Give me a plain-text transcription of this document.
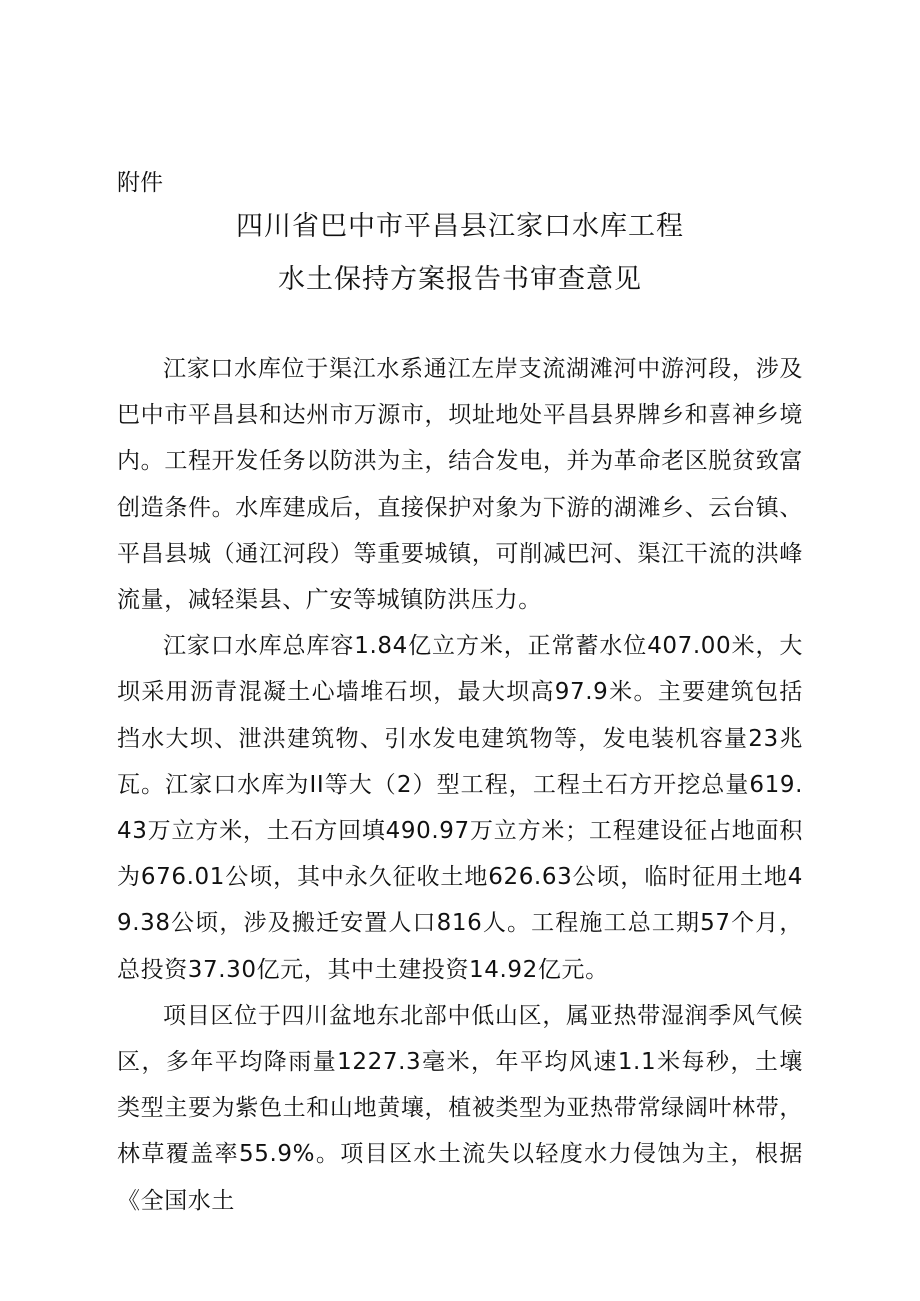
附件

四川省巴中市平昌县江家口水库工程
水土保持方案报告书审查意见

江家口水库位于渠江水系通江左岸支流湖滩河中游河段，涉及巴中市平昌县和达州市万源市，坝址地处平昌县界牌乡和喜神乡境内。工程开发任务以防洪为主，结合发电，并为革命老区脱贫致富创造条件。水库建成后，直接保护对象为下游的湖滩乡、云台镇、平昌县城（通江河段）等重要城镇，可削减巴河、渠江干流的洪峰流量，减轻渠县、广安等城镇防洪压力。

江家口水库总库容1.84亿立方米，正常蓄水位407.00米，大坝采用沥青混凝土心墙堆石坝，最大坝高97.9米。主要建筑包括挡水大坝、泄洪建筑物、引水发电建筑物等，发电装机容量23兆瓦。江家口水库为II等大（2）型工程，工程土石方开挖总量619.43万立方米，土石方回填490.97万立方米；工程建设征占地面积为676.01公顷，其中永久征收土地626.63公顷，临时征用土地49.38公顷，涉及搬迁安置人口816人。工程施工总工期57个月，总投资37.30亿元，其中土建投资14.92亿元。

项目区位于四川盆地东北部中低山区，属亚热带湿润季风气候区，多年平均降雨量1227.3毫米，年平均风速1.1米每秒，土壤类型主要为紫色土和山地黄壤，植被类型为亚热带常绿阔叶林带，林草覆盖率55.9%。项目区水土流失以轻度水力侵蚀为主，根据《全国水土
